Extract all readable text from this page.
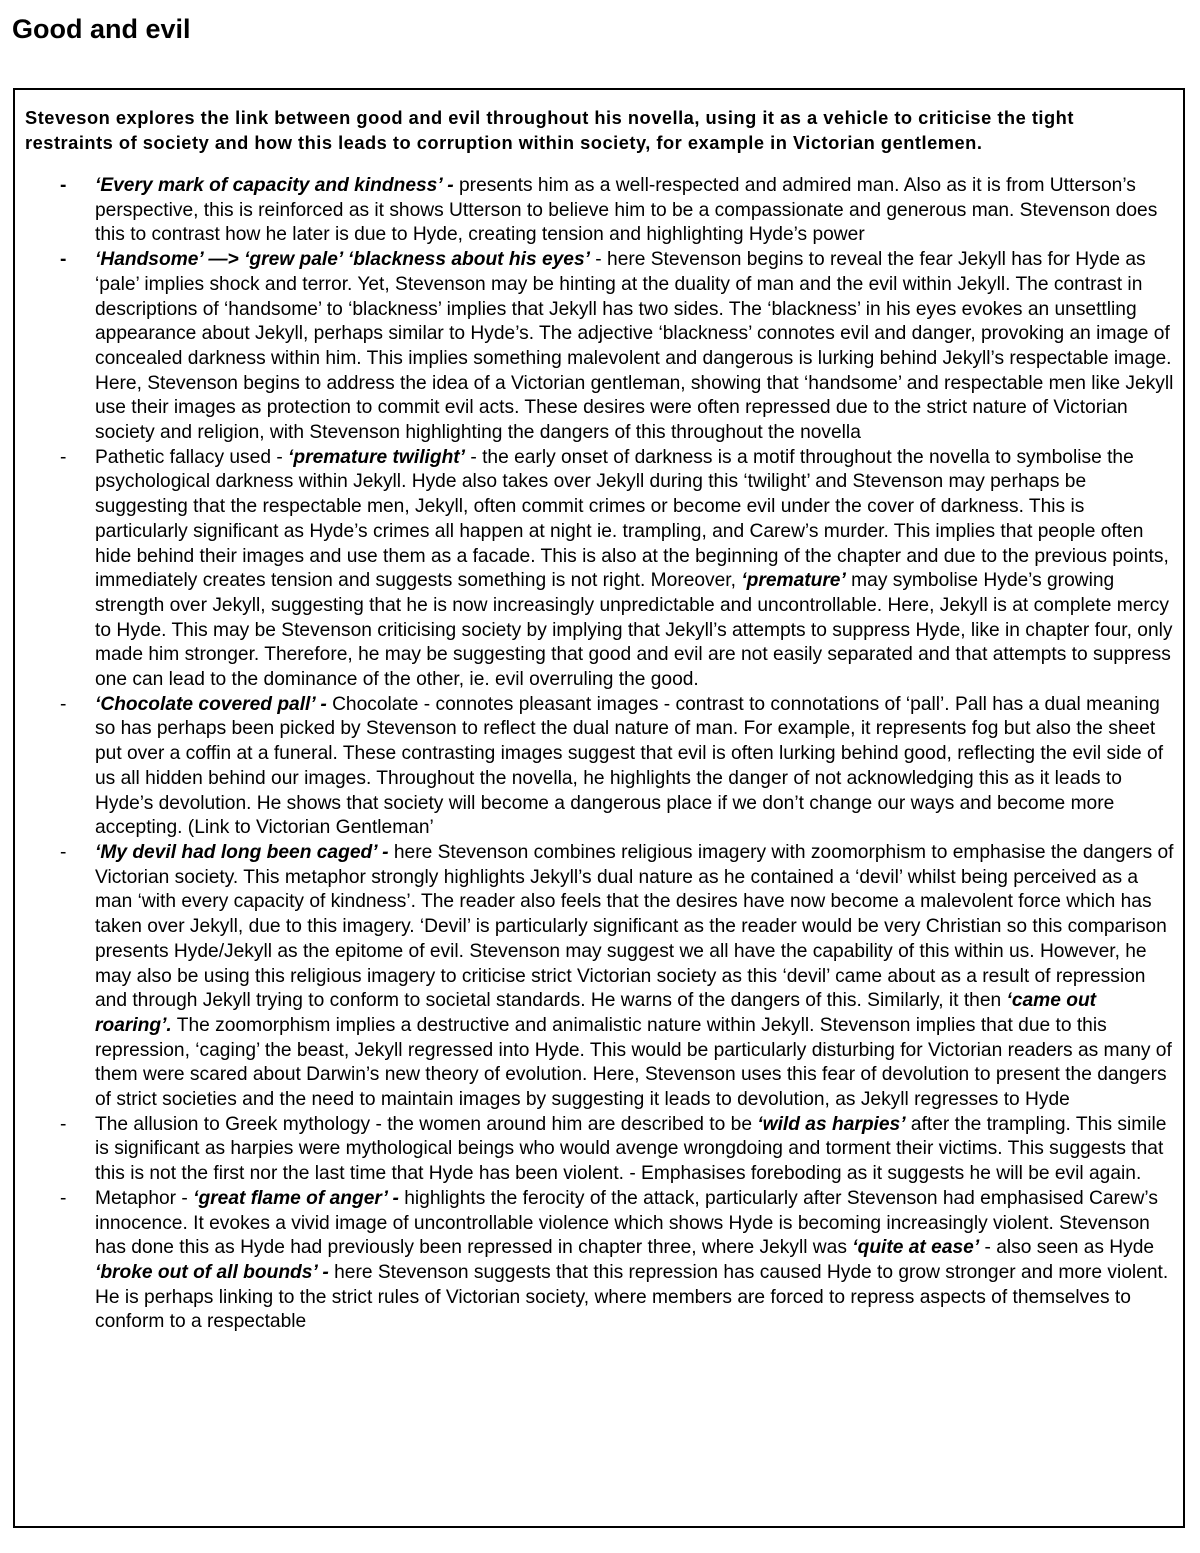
Good and evil

Steveson explores the link between good and evil throughout his novella, using it as a vehicle to criticise the tight restraints of society and how this leads to corruption within society, for example in Victorian gentlemen.

- ‘Every mark of capacity and kindness’ - presents him as a well-respected and admired man. Also as it is from Utterson’s perspective, this is reinforced as it shows Utterson to believe him to be a compassionate and generous man. Stevenson does this to contrast how he later is due to Hyde, creating tension and highlighting Hyde’s power
- ‘Handsome’ —> ‘grew pale’ ‘blackness about his eyes’ - here Stevenson begins to reveal the fear Jekyll has for Hyde as ‘pale’ implies shock and terror. Yet, Stevenson may be hinting at the duality of man and the evil within Jekyll. The contrast in descriptions of ‘handsome’ to ‘blackness’ implies that Jekyll has two sides. The ‘blackness’ in his eyes evokes an unsettling appearance about Jekyll, perhaps similar to Hyde’s. The adjective ‘blackness’ connotes evil and danger, provoking an image of concealed darkness within him. This implies something malevolent and dangerous is lurking behind Jekyll’s respectable image. Here, Stevenson begins to address the idea of a Victorian gentleman, showing that ‘handsome’ and respectable men like Jekyll use their images as protection to commit evil acts. These desires were often repressed due to the strict nature of Victorian society and religion, with Stevenson highlighting the dangers of this throughout the novella
- Pathetic fallacy used - ‘premature twilight’ - the early onset of darkness is a motif throughout the novella to symbolise the psychological darkness within Jekyll. Hyde also takes over Jekyll during this ‘twilight’ and Stevenson may perhaps be suggesting that the respectable men, Jekyll, often commit crimes or become evil under the cover of darkness. This is particularly significant as Hyde’s crimes all happen at night ie. trampling, and Carew’s murder. This implies that people often hide behind their images and use them as a facade. This is also at the beginning of the chapter and due to the previous points, immediately creates tension and suggests something is not right. Moreover, ‘premature’ may symbolise Hyde’s growing strength over Jekyll, suggesting that he is now increasingly unpredictable and uncontrollable. Here, Jekyll is at complete mercy to Hyde. This may be Stevenson criticising society by implying that Jekyll’s attempts to suppress Hyde, like in chapter four, only made him stronger. Therefore, he may be suggesting that good and evil are not easily separated and that attempts to suppress one can lead to the dominance of the other, ie. evil overruling the good.
- ‘Chocolate covered pall’ - Chocolate - connotes pleasant images - contrast to connotations of ‘pall’. Pall has a dual meaning so has perhaps been picked by Stevenson to reflect the dual nature of man. For example, it represents fog but also the sheet put over a coffin at a funeral. These contrasting images suggest that evil is often lurking behind good, reflecting the evil side of us all hidden behind our images. Throughout the novella, he highlights the danger of not acknowledging this as it leads to Hyde’s devolution. He shows that society will become a dangerous place if we don’t change our ways and become more accepting. (Link to Victorian Gentleman’
- ‘My devil had long been caged’ - here Stevenson combines religious imagery with zoomorphism to emphasise the dangers of Victorian society. This metaphor strongly highlights Jekyll’s dual nature as he contained a ‘devil’ whilst being perceived as a man ‘with every capacity of kindness’. The reader also feels that the desires have now become a malevolent force which has taken over Jekyll, due to this imagery. ‘Devil’ is particularly significant as the reader would be very Christian so this comparison presents Hyde/Jekyll as the epitome of evil. Stevenson may suggest we all have the capability of this within us. However, he may also be using this religious imagery to criticise strict Victorian society as this ‘devil’ came about as a result of repression and through Jekyll trying to conform to societal standards. He warns of the dangers of this. Similarly, it then ‘came out roaring’. The zoomorphism implies a destructive and animalistic nature within Jekyll. Stevenson implies that due to this repression, ‘caging’ the beast, Jekyll regressed into Hyde. This would be particularly disturbing for Victorian readers as many of them were scared about Darwin’s new theory of evolution. Here, Stevenson uses this fear of devolution to present the dangers of strict societies and the need to maintain images by suggesting it leads to devolution, as Jekyll regresses to Hyde
- The allusion to Greek mythology - the women around him are described to be ‘wild as harpies’ after the trampling. This simile is significant as harpies were mythological beings who would avenge wrongdoing and torment their victims. This suggests that this is not the first nor the last time that Hyde has been violent. - Emphasises foreboding as it suggests he will be evil again.
- Metaphor - ‘great flame of anger’ - highlights the ferocity of the attack, particularly after Stevenson had emphasised Carew’s innocence. It evokes a vivid image of uncontrollable violence which shows Hyde is becoming increasingly violent. Stevenson has done this as Hyde had previously been repressed in chapter three, where Jekyll was ‘quite at ease’ - also seen as Hyde ‘broke out of all bounds’ - here Stevenson suggests that this repression has caused Hyde to grow stronger and more violent. He is perhaps linking to the strict rules of Victorian society, where members are forced to repress aspects of themselves to conform to a respectable
